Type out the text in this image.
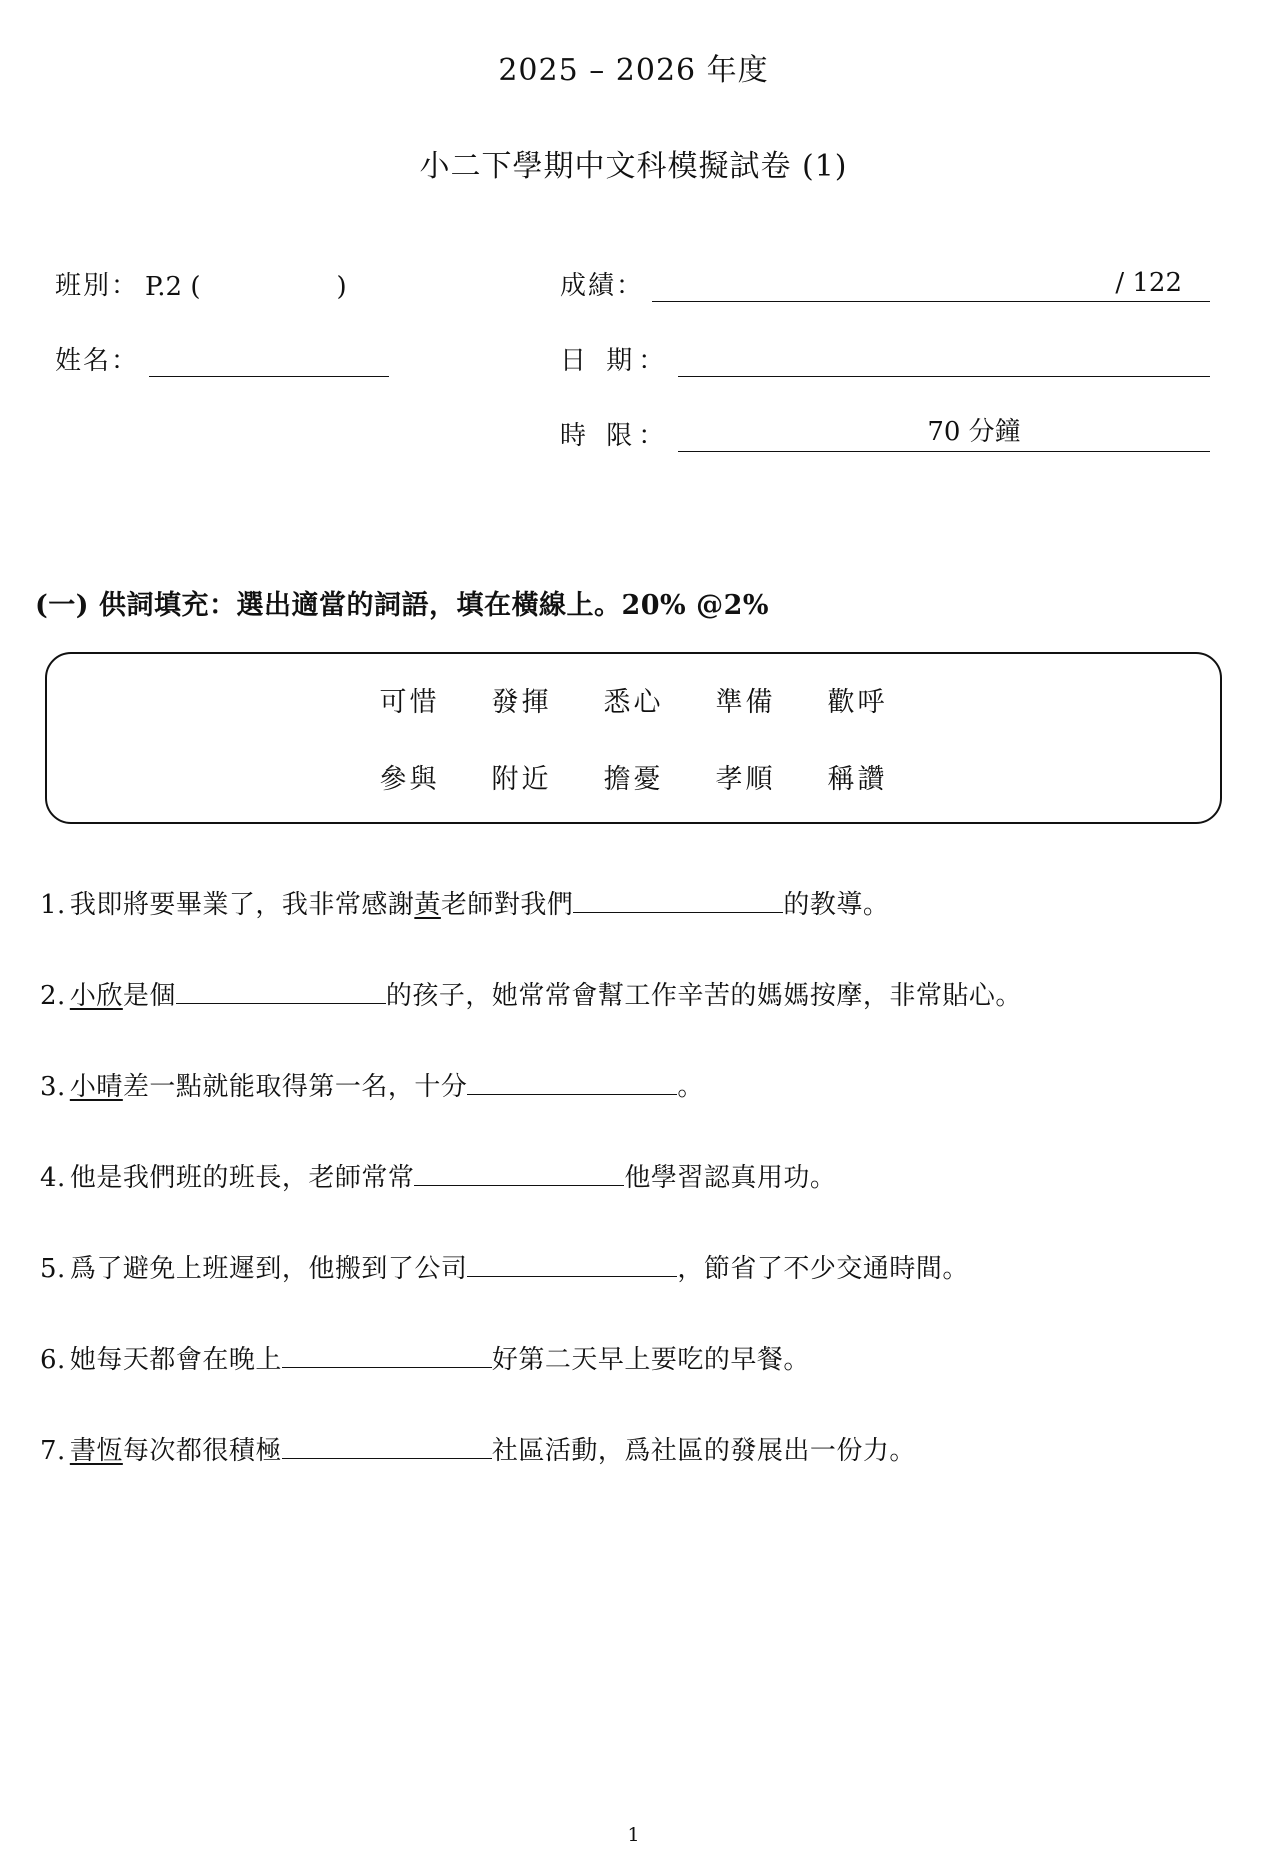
2025 – 2026 年度
小二下學期中文科模擬試卷 (1)
班別： P.2 (	)
姓名：
成績：	/ 122
日 期：
時 限：	70 分鐘
(一) 供詞填充：選出適當的詞語，填在橫線上。20% @2%
可惜	發揮	悉心	準備	歡呼
參與	附近	擔憂	孝順	稱讚
1. 我即將要畢業了，我非常感謝黃老師對我們	的教導。
2. 小欣是個	的孩子，她常常會幫工作辛苦的媽媽按摩，非常貼心。
3. 小晴差一點就能取得第一名，十分	。
4. 他是我們班的班長，老師常常	他學習認真用功。
5. 爲了避免上班遲到，他搬到了公司	，節省了不少交通時間。
6. 她每天都會在晚上	好第二天早上要吃的早餐。
7. 書恆每次都很積極	社區活動，爲社區的發展出一份力。
1
